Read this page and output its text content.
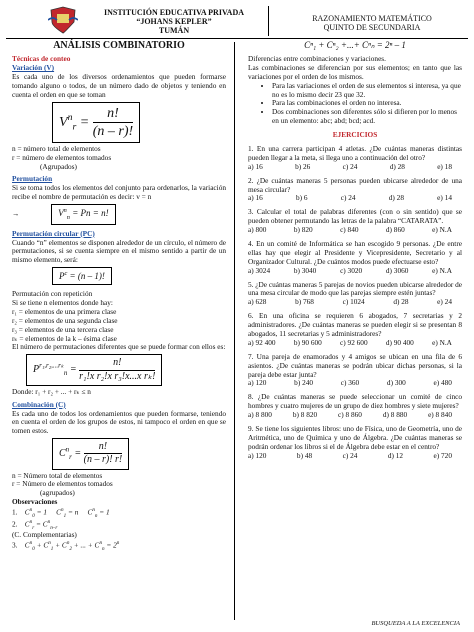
INSTITUCIÓN EDUCATIVA PRIVADA
“JOHANS KEPLER”
TUMÁN
RAZONAMIENTO MATEMÁTICO
QUINTO DE SECUNDARIA
ANÁLISIS COMBINATORIO

Técnicas de conteo

Variación (V)

Es cada uno de los diversos ordenamientos que pueden formarse tomando alguno o todos, de un número dado de objetos y teniendo en cuenta el orden en que se toman

$V^n_r = \frac{n!}{(n - r)!}$

n = número total de elementos

r = número de elementos tomados

(Agrupados)

Permutación

Si se toma todos los elementos del conjunto para ordenarlos, la variación recibe el nombre de permutación es decir: v = n

→	$V^n_n = Pn = n$!

Permutación circular (PC)

Cuando “n” elementos se disponen alrededor de un círculo, el número de permutaciones, si se cuenta siempre en el mismo sentido a partir de un mismo elemento, será:

$P^c = (n - 1)$!

Permutación con repetición

Si se tiene n elementos donde hay:

r₁ = elementos de una primera clase

r₂ = elementos de una segunda clase

r₃ = elementos de una tercera clase

rₖ = elementos de la k – ésima clase

El número de permutaciones diferentes que se puede formar con ellos es:

$P^{r_1,r_2,...r_k}_n = \frac{n!}{\text{r₁!x r₂!x r₃!x...x rₖ!}}$

Donde: r₁ + r₂ + ... + rₖ ≤ n

Combinación (C)

Es cada uno de todos los ordenamientos que pueden formarse, teniendo en cuenta el orden de los grupos de estos, ni tampoco el orden en que se tomen estos.

$C^n_r = \frac{n!}{(n - r)! r!}$

n = Número total de elementos

r = Número de elementos tomados

(agrupados)

Observaciones

1.    $C^n_0 = 1$     $C^n_1 = n$     $C^n_n = 1$

2.    $C^n_r = C^n_{n-r}$

(C. Complementarias)

3.    $C^n_0 + C^n_1 + C^n_2$ + ... + $C^n_n = 2^n$

Cⁿ₁ + Cⁿ₂ +...+ Cⁿₙ = 2ⁿ – 1

Diferencias entre combinaciones y variaciones.

Las combinaciones se diferencian por sus elementos; en tanto que las variaciones por el orden de los mismos.

• Para las variaciones el orden de sus elementos si interesa, ya que no es lo mismo decir 23 que 32.
• Para las combinaciones el orden no interesa.
• Dos combinaciones son diferentes sólo si difieren por lo menos en un elemento: abc; abd; bcd; acd.

EJERCICIOS

1. En una carrera participan 4 atletas. ¿De cuántas maneras distintas pueden llegar a la meta, si llega uno a continuación del otro?

a) 16	b) 26	c) 24	d) 28	e) 18

2. ¿De cuántas maneras 5 personas pueden ubicarse alrededor de una mesa circular?

a) 16	b) 6	c) 24	d) 28	e) 14

3. Calcular el total de palabras diferentes (con o sin sentido) que se pueden obtener permutando las letras de la palabra “CATARATA”.

a) 800	b) 820	c) 840	d) 860	e) N.A

4. En un comité de Informática se han escogido 9 personas. ¿De entre ellas hay que elegir al Presidente y Vicepresidente, Secretario y al Organizador Cultural. ¿De cuántos modos puede efectuarse esto?

a) 3024	b) 3040	c) 3020	d) 3060	e) N.A

5. ¿De cuántas maneras 5 parejas de novios pueden ubicarse alrededor de una mesa circular de modo que las parejas siempre estén juntas?

a) 628	b) 768	c) 1024	d) 28	e) 24

6. En una oficina se requieren 6 abogados, 7 secretarias y 2 administradores. ¿De cuántas maneras se pueden elegir si se presentan 8 abogados, 11 secretarias y 5 administradores?

a) 92 400	b) 90 600	c) 92 600	d) 90 400	e) N.A

7. Una pareja de enamorados y 4 amigos se ubican en una fila de 6 asientos. ¿De cuántas maneras se podrán ubicar dichas personas, si la pareja debe estar junta?

a) 120	b) 240	c) 360	d) 300	e) 480

8. ¿De cuántas maneras se puede seleccionar un comité de cinco hombres y cuatro mujeres de un grupo de diez hombres y siete mujeres?

a) 8 800	b) 8 820	c) 8 860	d) 8 880	e) 8 840

9. Se tiene los siguientes libros: uno de Física, uno de Geometría, uno de Aritmética, uno de Química y uno de Álgebra. ¿De cuántas maneras se podrán ordenar los libros si el de Álgebra debe estar en el centro?

a) 120	b) 48	c) 24	d) 12	e) 720
BUSQUEDA A LA EXCELENCIA
